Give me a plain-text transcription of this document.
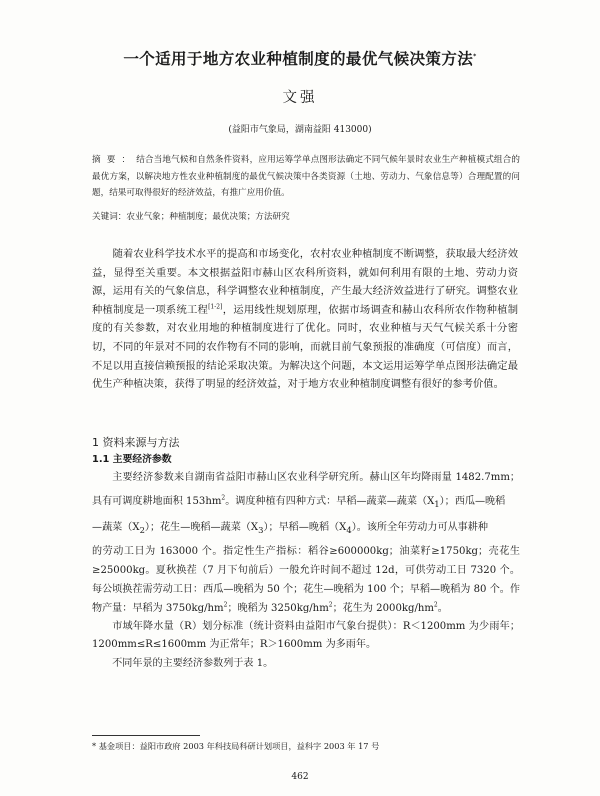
一个适用于地方农业种植制度的最优气候决策方法*

文强

(益阳市气象局，湖南益阳 413000)

摘要：结合当地气候和自然条件资料，应用运筹学单点图形法确定不同气候年景时农业生产种植模式组合的最优方案，以解决地方性农业种植制度的最优气候决策中各类资源（土地、劳动力、气象信息等）合理配置的问题，结果可取得很好的经济效益，有推广应用价值。

关键词：农业气象；种植制度；最优决策；方法研究

随着农业科学技术水平的提高和市场变化，农村农业种植制度不断调整，获取最大经济效益，显得至关重要。本文根据益阳市赫山区农科所资料，就如何利用有限的土地、劳动力资源，运用有关的气象信息，科学调整农业种植制度，产生最大经济效益进行了研究。调整农业种植制度是一项系统工程[1-2]，运用线性规划原理，依据市场调查和赫山农科所农作物种植制度的有关参数，对农业用地的种植制度进行了优化。同时，农业种植与天气气候关系十分密切，不同的年景对不同的农作物有不同的影响，而就目前气象预报的准确度（可信度）而言，不足以用直接信赖预报的结论采取决策。为解决这个问题，本文运用运筹学单点图形法确定最优生产种植决策，获得了明显的经济效益，对于地方农业种植制度调整有很好的参考价值。

1 资料来源与方法
1.1 主要经济参数

主要经济参数来自湖南省益阳市赫山区农业科学研究所。赫山区年均降雨量 1482.7mm；具有可调度耕地面积 $153hm^2$。调度种植有四种方式：早稻—蔬菜—蔬菜$(X_1)$；西瓜—晚稻

—蔬菜$(X_2)$；花生—晚稻—蔬菜$(X_3)$；早稻—晚稻$(X_4)$。该所全年劳动力可从事耕种

的劳动工日为 163000 个。指定性生产指标：稻谷≥600000kg；油菜籽≥1750kg；壳花生≥25000kg。夏秋换茬（7 月下旬前后）一般允许时间不超过 12d，可供劳动工日 7320 个。每公顷换茬需劳动工日：西瓜—晚稻为 50 个；花生—晚稻为 100 个；早稻—晚稻为 80 个。作物产量：早稻为 $3750kg/hm^2$；晚稻为 $3250kg/hm^2$；花生为 $2000kg/hm^2$。

市域年降水量（R）划分标准（统计资料由益阳市气象台提供）：R＜1200mm 为少雨年；1200mm≤R≤1600mm 为正常年；R＞1600mm 为多雨年。

不同年景的主要经济参数列于表 1。

* 基金项目：益阳市政府 2003 年科技局科研计划项目，益科字 2003 年 17 号

462
